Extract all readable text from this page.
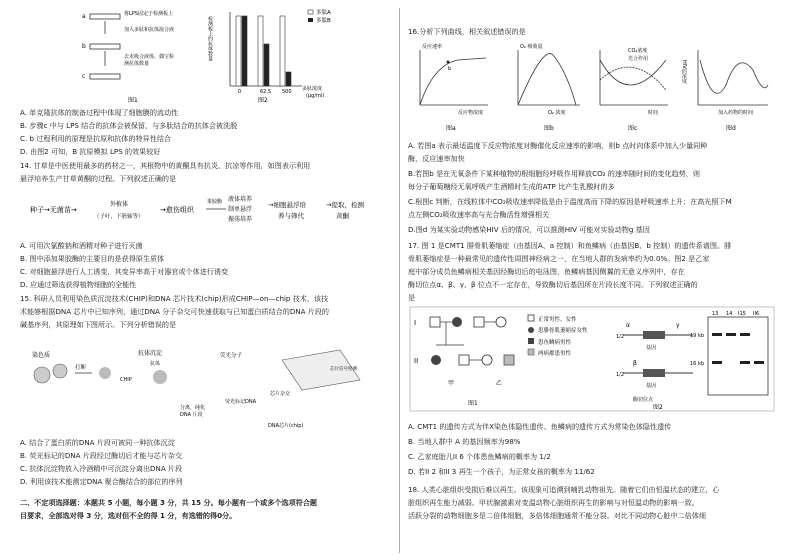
a	将LPS固定于检测板上
加入多肽和抗体混合液
b
去未吸合液体，偶宝检
测抗体数量
c
图1
0	62.5 500
检测板上的抗体数量
多肽A
多肽B
多肽浓度
(μg/ml)
图2
A. 单克隆抗体的制备过程中体现了细胞膜的流动性
B. 步骤c 中与 LPS 结合的抗体会被保留，与多肽结合的抗体会被洗脱
C. b 过程利用的原理是抗原和抗体的特异性结合
D. 由图2 可知，B 抗原模拟 LPS 的效果较好
14. 甘草是中医使用最多的药材之一，其根物中的黄酮具有抗炎、抗凉等作用，如图表示利用
悬浮培养生产甘草黄酮的过程。下列叙述正确的是
种子→无菌苗→
外植体
（子叶、下胚轴等）
→愈伤组织
果胶酶 液体培养
制单悬浮
振荡培养
→细胞悬浮培
养与筛代
→提取，检测
黄酮
A. 可用次氯酸钠和酒精对种子进行灭菌
B. 图中添加果胶酶的主要目的是获得原生质体
C. 对细胞悬浮进行人工诱变，其变异率高于对器官或个体进行诱变
D. 应通过筛选获得植物细胞的全能性
15. 科研人员利用染色质沉淀技术(CHIP)和DNA 芯片技术(chip)形成CHIP—on—chip 技术，该技
术能够根据DNA 芯片中已知序列，通过DNA 分子杂交可快速获取与已知蛋白质结合的DNA 片段的
碱基序列，其原理如下图所示。下列分析错误的是
染色质
打断
抗体沉淀
CHIP
抗体
分离，纯化
DNA 片段
荧光分子
荧光标记DNA
芯片杂交
芯片信号检测
DNA芯片(chip)
A. 结合了蛋白质的DNA 片段可被同一种抗体沉淀
B. 荧光标记的DNA 片段经过酶切后才能与芯片杂交
C. 抗体沉淀物放入冷酒精中可沉淀分离出DNA 片段
D. 利用该技术能测定DNA 聚合酶结合的部位的序列
二、不定项选择题：本题共 5 小题，每小题 3 分，共 15 分。每小题有一个或多个选项符合题
目要求，全部选对得 3 分，选对但不全的得 1 分，有选错的得0分。
16.分析下列曲线，相关叙述错误的是
b
反应速率
反应物浓度
O₂ 吸收量
O₂ 浓度
CO₂浓度
光合作用
时间
HIV的浓度
加入药物的时间
图a	图b	图c	图d
A. 若图a 表示最适温度下反应物浓度对酶催化反应速率的影响，则b 点时向体系中加入少量同种
酶，反应速率加快
B.若图b 是在无氧条件下某种植物的根细胞经呼吸作用释放CO₂ 的速率随时间的变化趋势，则
每分子葡萄糖经无氧呼吸产生酒精时生成的ATP 比产生乳酸时的多
C.根图c 判断，在线粒体中CO₂吸收速率降低是由于温度高而下降的原因是呼吸速率上升；在高光照下M
点左侧CO₂吸收速率高与光合酶活性增强相关
D.图d 为某实验动物感染HIV 后的情况，可以推测HIV 可能对实验动物g 基因
17. 图 1 是CMT1 腓骨肌萎缩症（由基因A、a 控制）和鱼鳞病（由基因B、b 控制）的遗传系谱图。腓
骨肌萎缩症是一种最常见的遗传性周围神经病之一，在当地人群的发病率约为0.0%。图2 是乙家
庭中部分成员鱼鳞病相关基因经酶切后的电泳图，鱼鳞病基因侧翼的无意义序列中，存在
酶切位点α、β、γ、β 位点不一定存在，导致酶切后基因所在片段长度不同。下列叙述正确的
是
I
II
甲	乙
正常男性、女性
患腓骨肌萎缩症女性
患鱼鳞病男性
两病都患男性
图1
基因
α	γ
1/2
基因
β
1/2
酶切位点
图2
13 14 I15 II6
19 kb
16 kb
A. CMT1 的遗传方式为伴X染色体隐性遗传、鱼鳞病的遗传方式为常染色体隐性遗传
B. 当地人群中 A 的基因频率为98%
C. 乙家庭胎儿II 6 个体患鱼鳞病的概率为 1/2
D. 若II 2 和II 3 再生一个孩子，为正常女孩的概率为 11/62
18. 人类心脏组织受损后难以再生。该现象可追溯到哺乳动物祖先。随着它们由恒温状态的建立，心
脏组织再生能力减弱。甲状腺激素对变温动物心脏组织再生的影响与对恒温动物的影响一致。
活跃分裂的动物细胞多是二倍体细胞，多倍体细胞通常不能分裂。对比不同动物心脏中二倍体细
